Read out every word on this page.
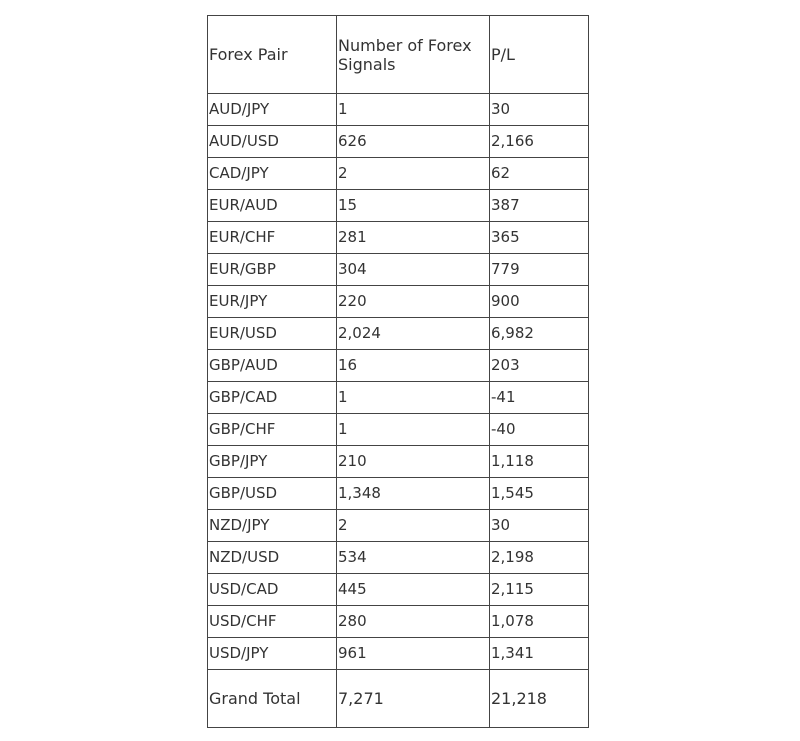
Forex Pair	Number of Forex Signals	P/L
AUD/JPY	1	30
AUD/USD	626	2,166
CAD/JPY	2	62
EUR/AUD	15	387
EUR/CHF	281	365
EUR/GBP	304	779
EUR/JPY	220	900
EUR/USD	2,024	6,982
GBP/AUD	16	203
GBP/CAD	1	-41
GBP/CHF	1	-40
GBP/JPY	210	1,118
GBP/USD	1,348	1,545
NZD/JPY	2	30
NZD/USD	534	2,198
USD/CAD	445	2,115
USD/CHF	280	1,078
USD/JPY	961	1,341
Grand Total	7,271	21,218
